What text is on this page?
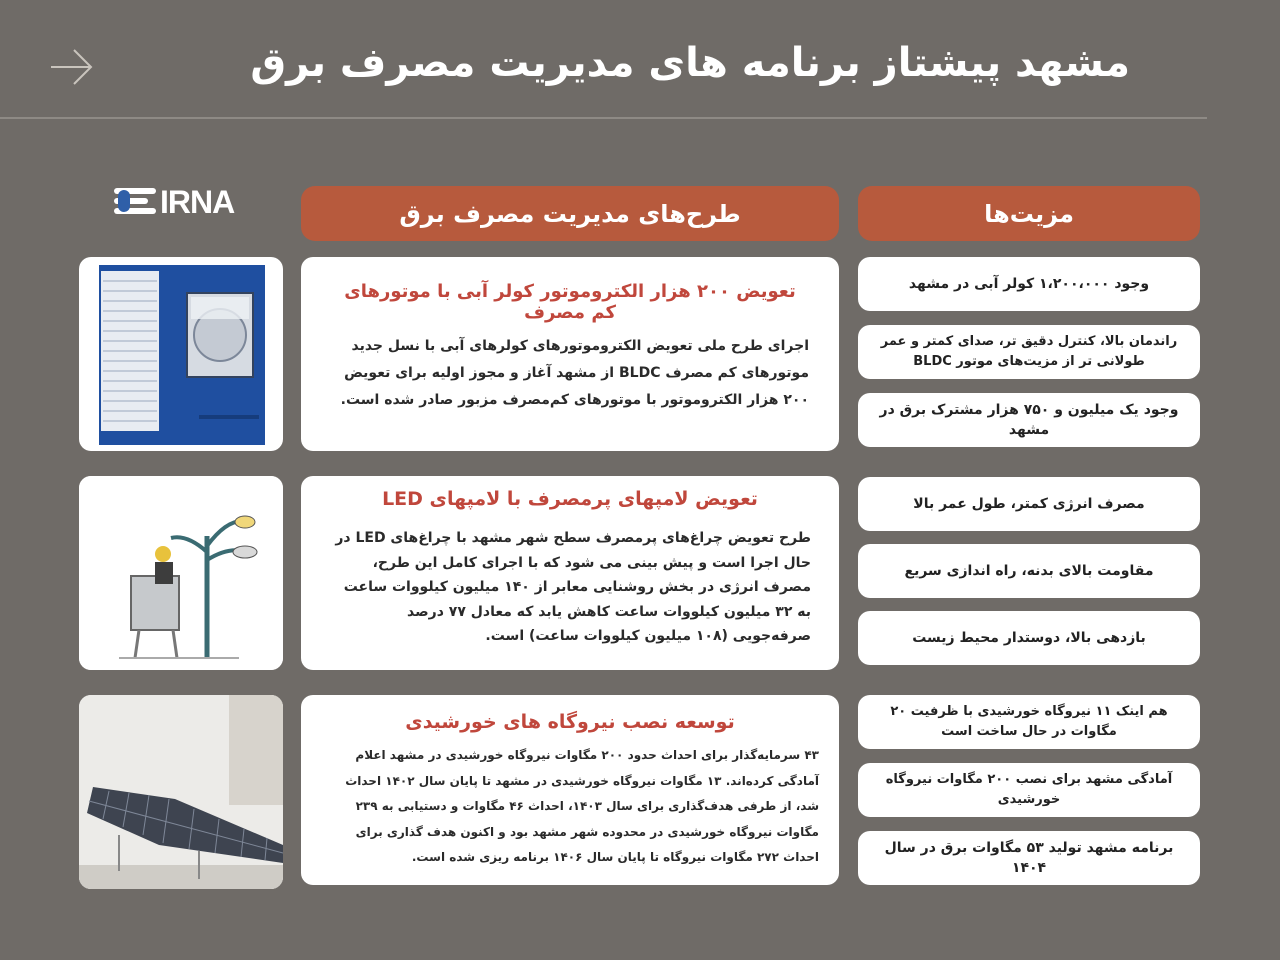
مشهد پیشتاز برنامه های مدیریت مصرف برق
IRNA	طرح‌های مدیریت مصرف برق	مزیت‌ها
تعویض ۲۰۰ هزار الکتروموتور کولر آبی با موتورهای کم مصرف
اجرای طرح ملی تعویض الکتروموتورهای کولرهای آبی با نسل جدید موتورهای کم مصرف BLDC از مشهد آغاز و مجوز اولیه برای تعویض ۲۰۰ هزار الکتروموتور با موتورهای کم‌مصرف مزبور صادر شده است.
وجود ۱،۲۰۰،۰۰۰ کولر آبی در مشهد
راندمان بالا، کنترل دقیق تر، صدای کمتر و عمر طولانی تر از مزیت‌های موتور BLDC
وجود یک میلیون و ۷۵۰ هزار مشترک برق در مشهد
تعویض لامپهای پرمصرف با لامپهای LED
طرح تعویض چراغ‌های پرمصرف سطح شهر مشهد با چراغ‌های LED در حال اجرا است و پیش بینی می شود که با اجرای کامل این طرح، مصرف انرژی در بخش روشنایی معابر از ۱۴۰ میلیون کیلووات ساعت به ۳۲ میلیون کیلووات ساعت کاهش یابد که معادل ۷۷ درصد صرفه‌جویی (۱۰۸ میلیون کیلووات ساعت) است.
مصرف انرژی کمتر، طول عمر بالا
مقاومت بالای بدنه، راه اندازی سریع
بازدهی بالا، دوستدار محیط زیست
توسعه نصب نیروگاه های خورشیدی
۴۳ سرمایه‌گذار برای احداث حدود ۲۰۰ مگاوات نیروگاه خورشیدی در مشهد اعلام آمادگی کرده‌اند. ۱۳ مگاوات نیروگاه خورشیدی در مشهد تا پایان سال ۱۴۰۲ احداث شد، از طرفی هدف‌گذاری برای سال ۱۴۰۳، احداث ۴۶ مگاوات و دستیابی به ۲۳۹ مگاوات نیروگاه خورشیدی در محدوده شهر مشهد بود و اکنون هدف گذاری برای احداث ۲۷۲ مگاوات نیروگاه تا پایان سال ۱۴۰۶ برنامه ریزی شده است.
هم اینک ۱۱ نیروگاه خورشیدی با ظرفیت ۲۰ مگاوات در حال ساخت است
آمادگی مشهد برای نصب ۲۰۰ مگاوات نیروگاه خورشیدی
برنامه مشهد تولید ۵۳ مگاوات برق در سال ۱۴۰۴
